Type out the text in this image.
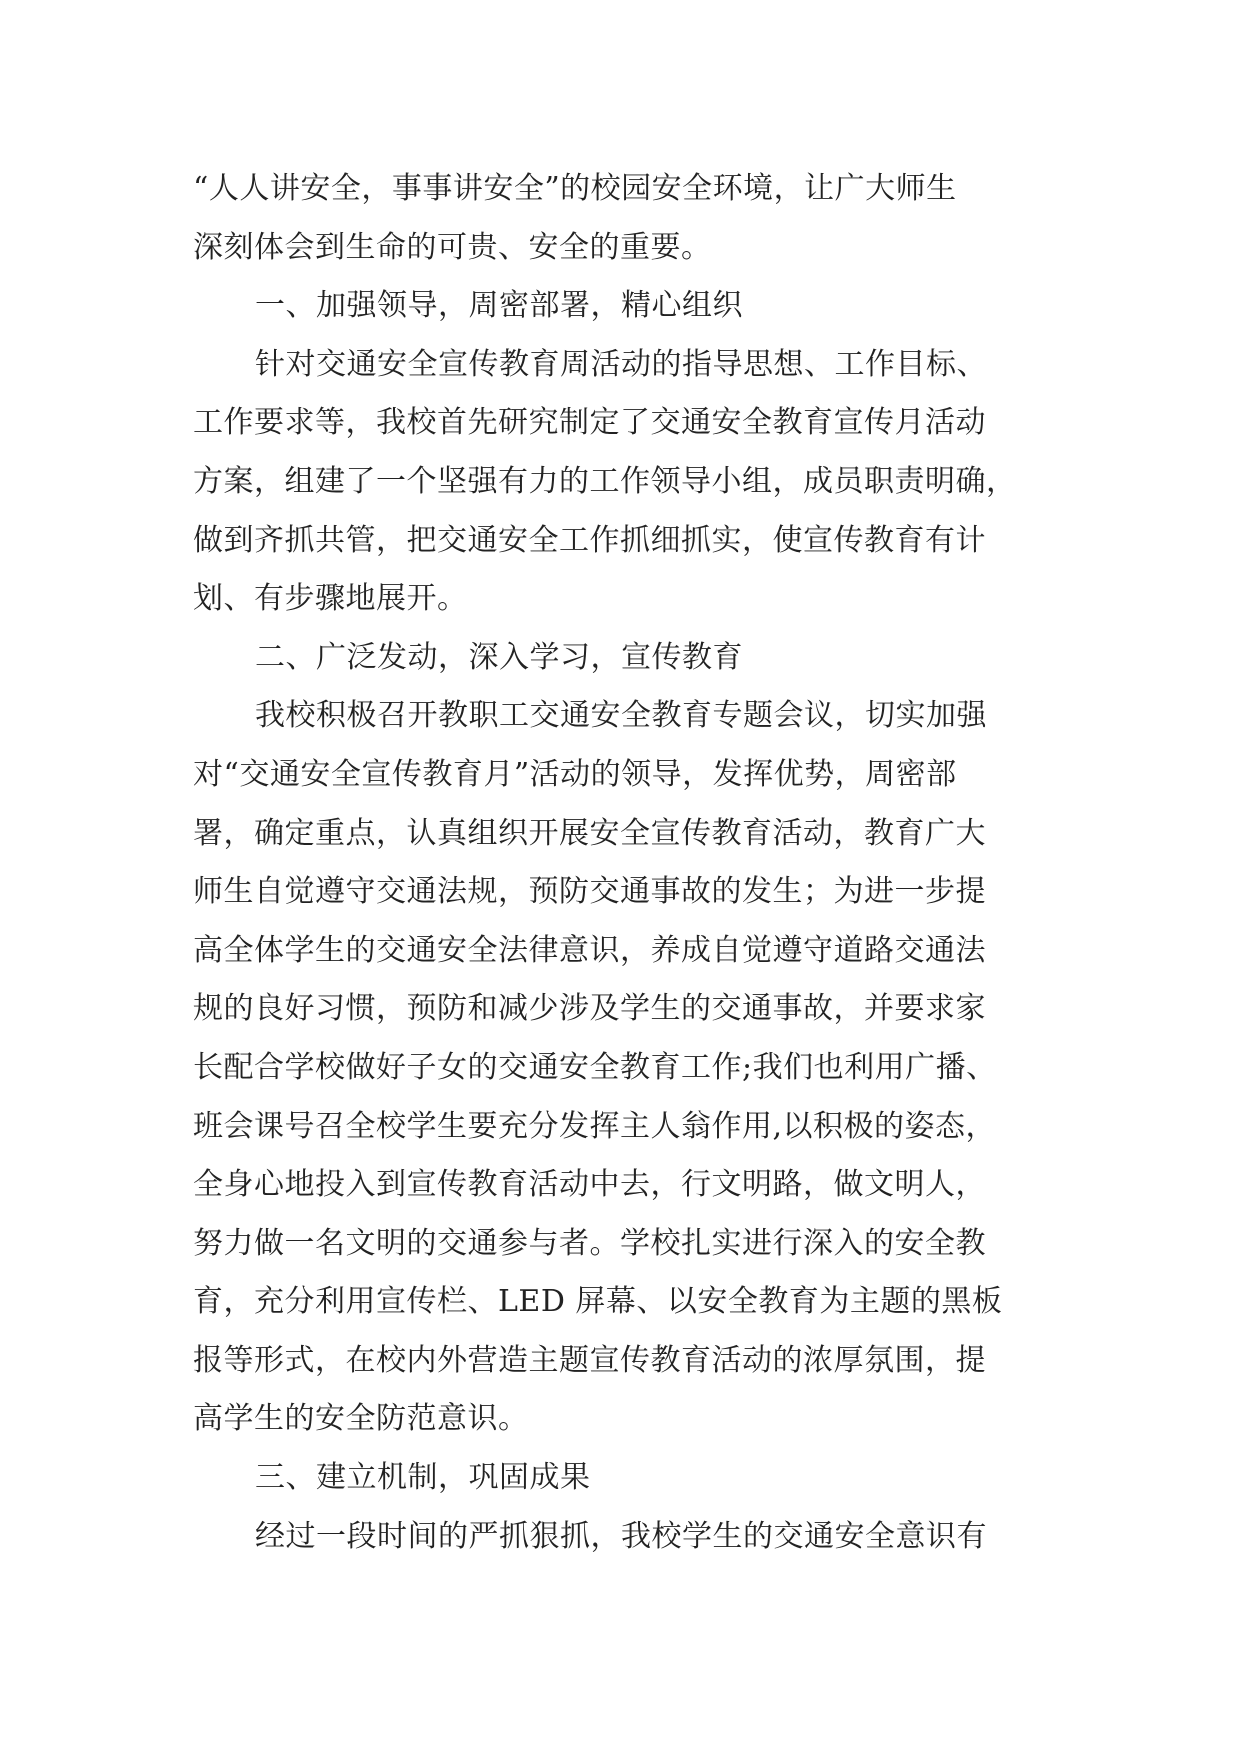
“人人讲安全，事事讲安全”的校园安全环境，让广大师生
深刻体会到生命的可贵、安全的重要。
一、加强领导，周密部署，精心组织
针对交通安全宣传教育周活动的指导思想、工作目标、
工作要求等，我校首先研究制定了交通安全教育宣传月活动
方案，组建了一个坚强有力的工作领导小组，成员职责明确，
做到齐抓共管，把交通安全工作抓细抓实，使宣传教育有计
划、有步骤地展开。
二、广泛发动，深入学习，宣传教育
我校积极召开教职工交通安全教育专题会议，切实加强
对“交通安全宣传教育月”活动的领导，发挥优势，周密部
署，确定重点，认真组织开展安全宣传教育活动，教育广大
师生自觉遵守交通法规，预防交通事故的发生；为进一步提
高全体学生的交通安全法律意识，养成自觉遵守道路交通法
规的良好习惯，预防和减少涉及学生的交通事故，并要求家
长配合学校做好子女的交通安全教育工作;我们也利用广播、
班会课号召全校学生要充分发挥主人翁作用,以积极的姿态，
全身心地投入到宣传教育活动中去，行文明路，做文明人，
努力做一名文明的交通参与者。学校扎实进行深入的安全教
育，充分利用宣传栏、LED 屏幕、以安全教育为主题的黑板
报等形式，在校内外营造主题宣传教育活动的浓厚氛围，提
高学生的安全防范意识。
三、建立机制，巩固成果
经过一段时间的严抓狠抓，我校学生的交通安全意识有
